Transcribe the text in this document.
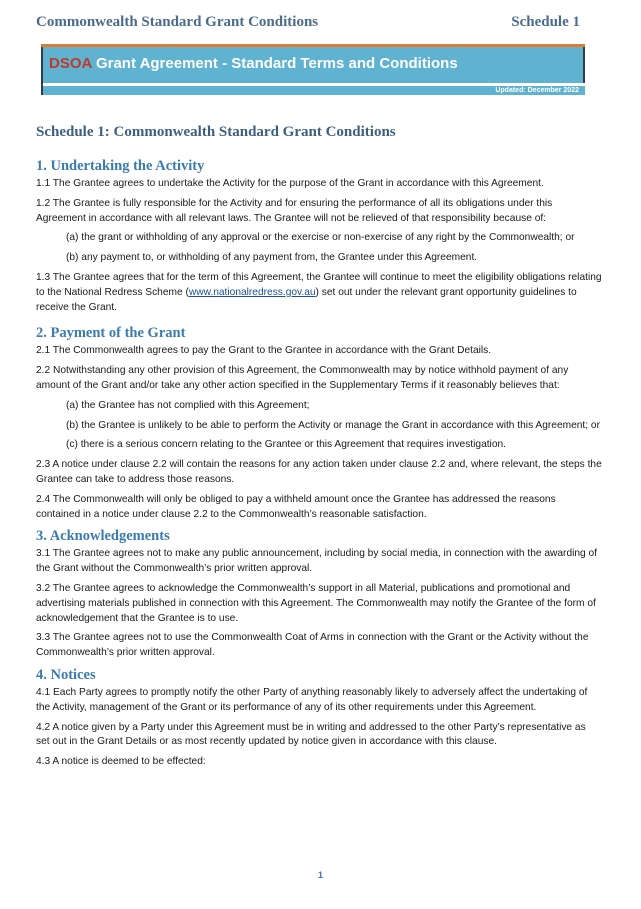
Commonwealth Standard Grant Conditions	Schedule 1
DSOA Grant Agreement - Standard Terms and Conditions
Updated: December 2022
Schedule 1: Commonwealth Standard Grant Conditions
1. Undertaking the Activity

1.1 The Grantee agrees to undertake the Activity for the purpose of the Grant in accordance with this Agreement.

1.2 The Grantee is fully responsible for the Activity and for ensuring the performance of all its obligations under this Agreement in accordance with all relevant laws. The Grantee will not be relieved of that responsibility because of:

(a) the grant or withholding of any approval or the exercise or non-exercise of any right by the Commonwealth; or

(b) any payment to, or withholding of any payment from, the Grantee under this Agreement.

1.3 The Grantee agrees that for the term of this Agreement, the Grantee will continue to meet the eligibility obligations relating to the National Redress Scheme (www.nationalredress.gov.au) set out under the relevant grant opportunity guidelines to receive the Grant.

2. Payment of the Grant

2.1 The Commonwealth agrees to pay the Grant to the Grantee in accordance with the Grant Details.

2.2 Notwithstanding any other provision of this Agreement, the Commonwealth may by notice withhold payment of any amount of the Grant and/or take any other action specified in the Supplementary Terms if it reasonably believes that:

(a) the Grantee has not complied with this Agreement;

(b) the Grantee is unlikely to be able to perform the Activity or manage the Grant in accordance with this Agreement; or

(c) there is a serious concern relating to the Grantee or this Agreement that requires investigation.

2.3 A notice under clause 2.2 will contain the reasons for any action taken under clause 2.2 and, where relevant, the steps the Grantee can take to address those reasons.

2.4 The Commonwealth will only be obliged to pay a withheld amount once the Grantee has addressed the reasons contained in a notice under clause 2.2 to the Commonwealth’s reasonable satisfaction.

3. Acknowledgements

3.1 The Grantee agrees not to make any public announcement, including by social media, in connection with the awarding of the Grant without the Commonwealth’s prior written approval.

3.2 The Grantee agrees to acknowledge the Commonwealth’s support in all Material, publications and promotional and advertising materials published in connection with this Agreement. The Commonwealth may notify the Grantee of the form of acknowledgement that the Grantee is to use.

3.3 The Grantee agrees not to use the Commonwealth Coat of Arms in connection with the Grant or the Activity without the Commonwealth’s prior written approval.

4. Notices

4.1 Each Party agrees to promptly notify the other Party of anything reasonably likely to adversely affect the undertaking of the Activity, management of the Grant or its performance of any of its other requirements under this Agreement.

4.2 A notice given by a Party under this Agreement must be in writing and addressed to the other Party’s representative as set out in the Grant Details or as most recently updated by notice given in accordance with this clause.

4.3 A notice is deemed to be effected:

1
